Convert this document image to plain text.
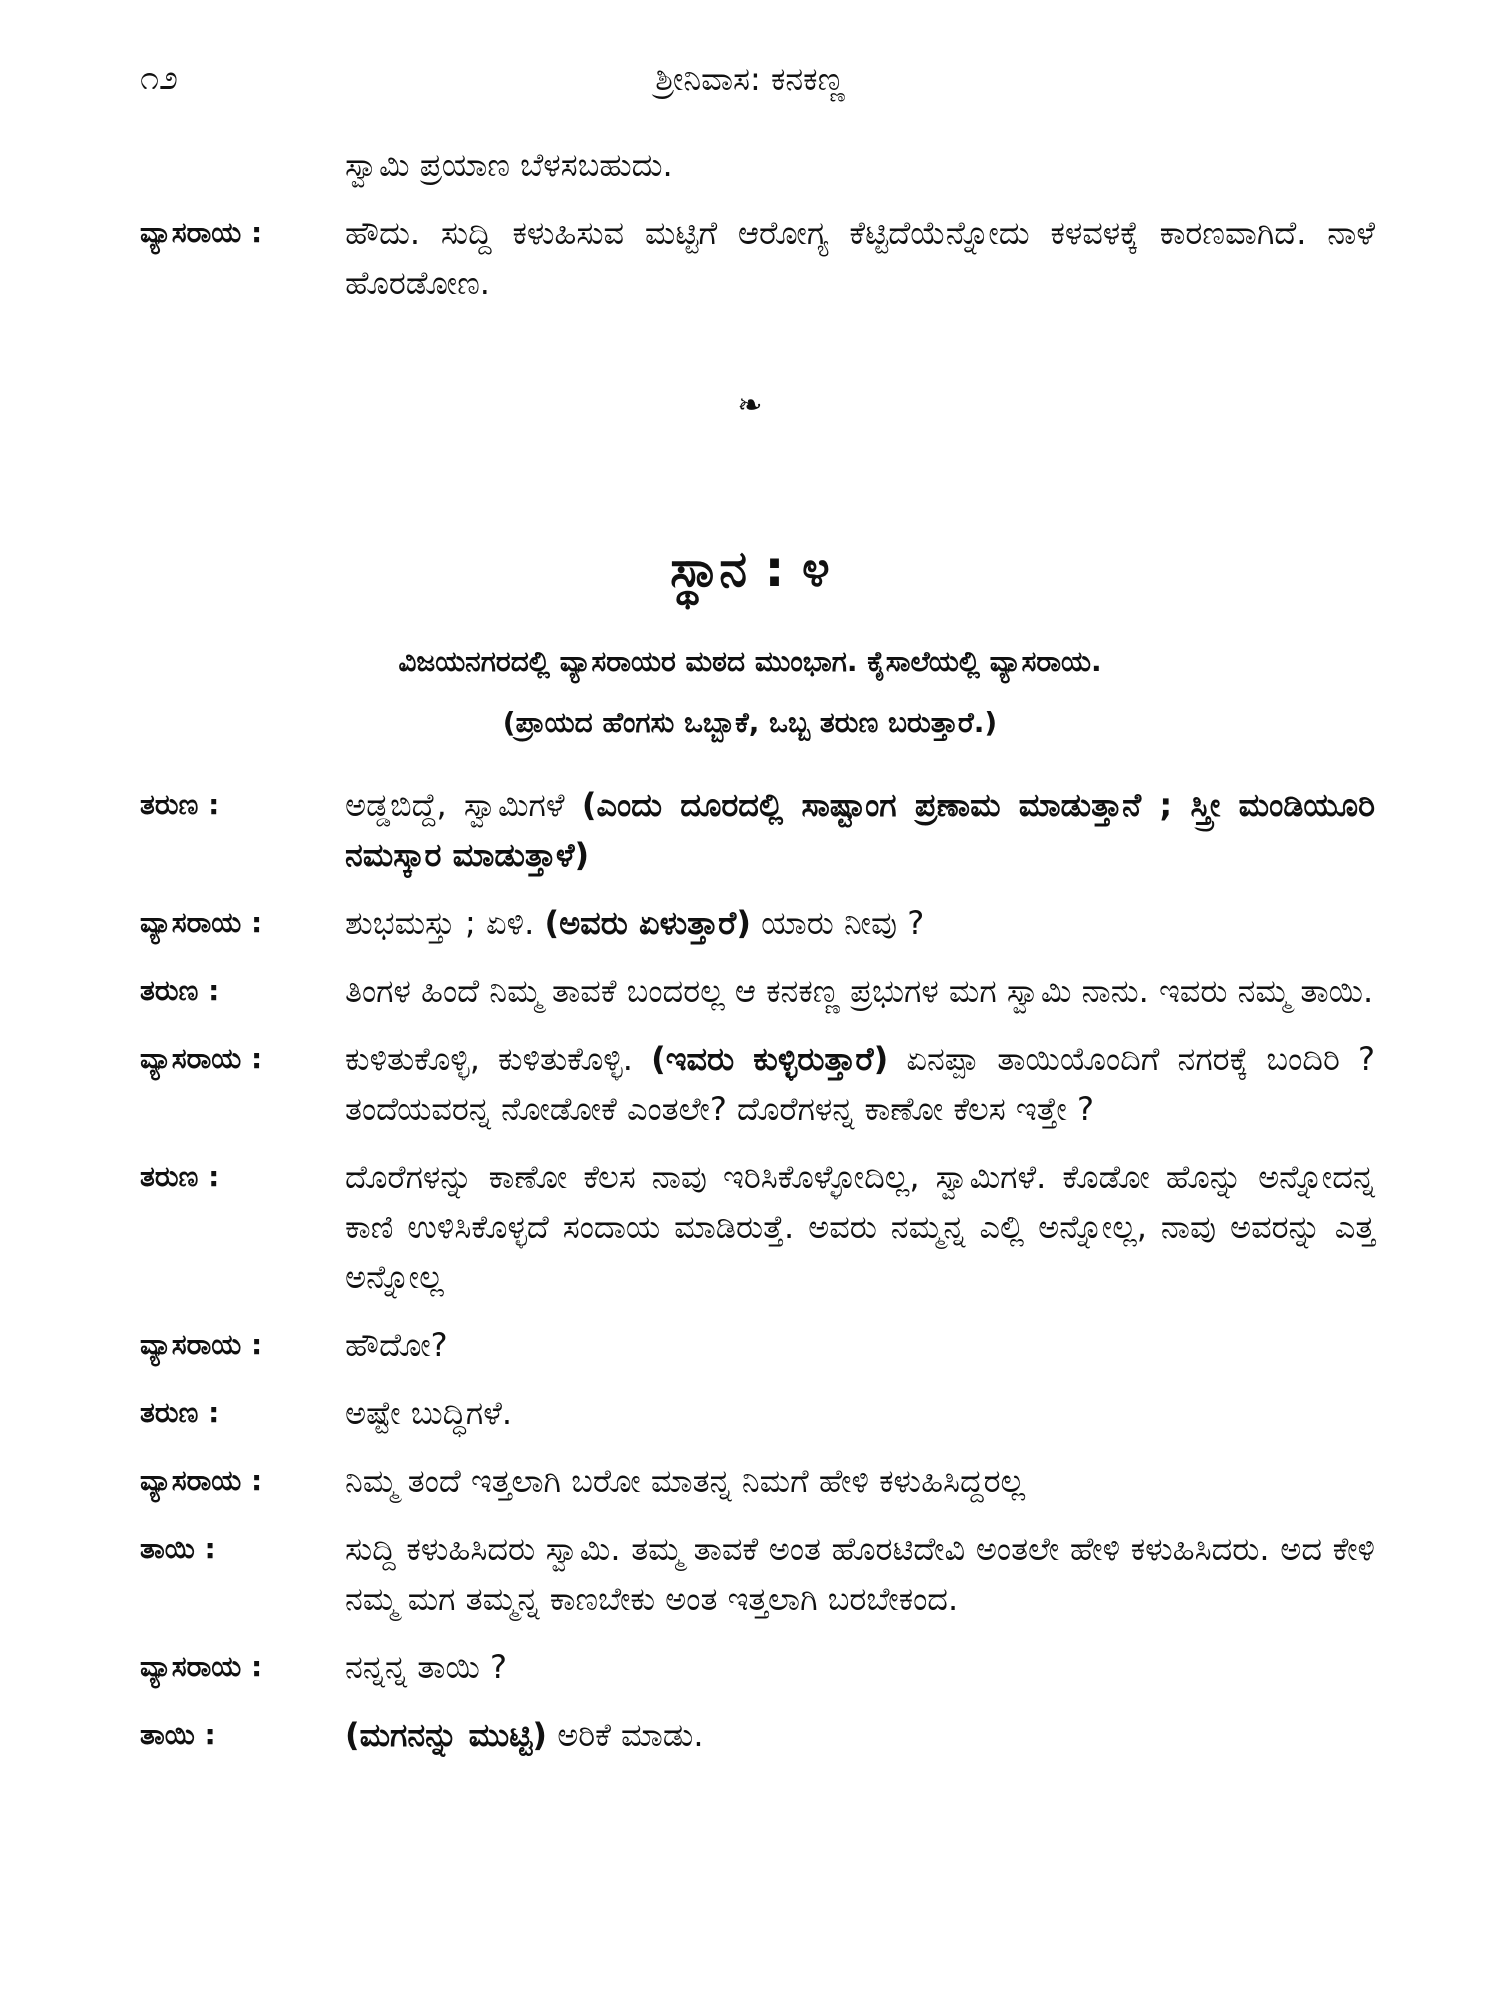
೧೨	ಶ್ರೀನಿವಾಸ: ಕನಕಣ್ಣ
ಸ್ವಾಮಿ ಪ್ರಯಾಣ ಬೆಳಸಬಹುದು.
ವ್ಯಾಸರಾಯ :	ಹೌದು. ಸುದ್ದಿ ಕಳುಹಿಸುವ ಮಟ್ಟಿಗೆ ಆರೋಗ್ಯ ಕೆಟ್ಟಿದೆಯೆನ್ನೋದು ಕಳವಳಕ್ಕೆ ಕಾರಣವಾಗಿದೆ. ನಾಳೆ ಹೊರಡೋಣ.
❧
ಸ್ಥಾನ : ೪
ವಿಜಯನಗರದಲ್ಲಿ ವ್ಯಾಸರಾಯರ ಮಠದ ಮುಂಭಾಗ. ಕೈಸಾಲೆಯಲ್ಲಿ ವ್ಯಾಸರಾಯ.
(ಪ್ರಾಯದ ಹೆಂಗಸು ಒಬ್ಬಾಕೆ, ಒಬ್ಬ ತರುಣ ಬರುತ್ತಾರೆ.)
ತರುಣ :	ಅಡ್ಡಬಿದ್ದೆ, ಸ್ವಾಮಿಗಳೆ (ಎಂದು ದೂರದಲ್ಲಿ ಸಾಷ್ಟಾಂಗ ಪ್ರಣಾಮ ಮಾಡುತ್ತಾನೆ ; ಸ್ತ್ರೀ ಮಂಡಿಯೂರಿ ನಮಸ್ಕಾರ ಮಾಡುತ್ತಾಳೆ)
ವ್ಯಾಸರಾಯ :	ಶುಭಮಸ್ತು ; ಏಳಿ. (ಅವರು ಏಳುತ್ತಾರೆ) ಯಾರು ನೀವು ?
ತರುಣ :	ತಿಂಗಳ ಹಿಂದೆ ನಿಮ್ಮ ತಾವಕೆ ಬಂದರಲ್ಲ ಆ ಕನಕಣ್ಣ ಪ್ರಭುಗಳ ಮಗ ಸ್ವಾಮಿ ನಾನು. ಇವರು ನಮ್ಮ ತಾಯಿ.
ವ್ಯಾಸರಾಯ :	ಕುಳಿತುಕೊಳ್ಳಿ, ಕುಳಿತುಕೊಳ್ಳಿ. (ಇವರು ಕುಳ್ಳಿರುತ್ತಾರೆ) ಏನಪ್ಪಾ ತಾಯಿಯೊಂದಿಗೆ ನಗರಕ್ಕೆ ಬಂದಿರಿ ? ತಂದೆಯವರನ್ನ ನೋಡೋಕೆ ಎಂತಲೇ? ದೊರೆಗಳನ್ನ ಕಾಣೋ ಕೆಲಸ ಇತ್ತೇ ?
ತರುಣ :	ದೊರೆಗಳನ್ನು ಕಾಣೋ ಕೆಲಸ ನಾವು ಇರಿಸಿಕೊಳ್ಳೋದಿಲ್ಲ, ಸ್ವಾಮಿಗಳೆ. ಕೊಡೋ ಹೊನ್ನು ಅನ್ನೋದನ್ನ ಕಾಣಿ ಉಳಿಸಿಕೊಳ್ಳದೆ ಸಂದಾಯ ಮಾಡಿರುತ್ತೆ. ಅವರು ನಮ್ಮನ್ನ ಎಲ್ಲಿ ಅನ್ನೋಲ್ಲ, ನಾವು ಅವರನ್ನು ಎತ್ತ ಅನ್ನೋಲ್ಲ
ವ್ಯಾಸರಾಯ :	ಹೌದೋ?
ತರುಣ :	ಅಷ್ಟೇ ಬುದ್ಧಿಗಳೆ.
ವ್ಯಾಸರಾಯ :	ನಿಮ್ಮ ತಂದೆ ಇತ್ತಲಾಗಿ ಬರೋ ಮಾತನ್ನ ನಿಮಗೆ ಹೇಳಿ ಕಳುಹಿಸಿದ್ದರಲ್ಲ
ತಾಯಿ :	ಸುದ್ದಿ ಕಳುಹಿಸಿದರು ಸ್ವಾಮಿ. ತಮ್ಮ ತಾವಕೆ ಅಂತ ಹೊರಟಿದೇವಿ ಅಂತಲೇ ಹೇಳಿ ಕಳುಹಿಸಿದರು. ಅದ ಕೇಳಿ ನಮ್ಮ ಮಗ ತಮ್ಮನ್ನ ಕಾಣಬೇಕು ಅಂತ ಇತ್ತಲಾಗಿ ಬರಬೇಕಂದ.
ವ್ಯಾಸರಾಯ :	ನನ್ನನ್ನ ತಾಯಿ ?
ತಾಯಿ :	(ಮಗನನ್ನು ಮುಟ್ಟಿ) ಅರಿಕೆ ಮಾಡು.
